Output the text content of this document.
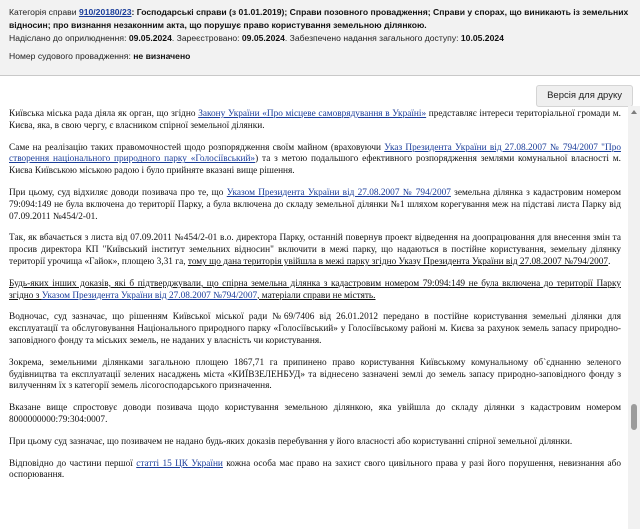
Категорія справи 910/20180/23: Господарські справи (з 01.01.2019); Справи позовного провадження; Справи у спорах, що виникають із земельних
відносин; про визнання незаконним акта, що порушує право користування земельною ділянкою.
Надіслано до оприлюднення: 09.05.2024. Зареєстровано: 09.05.2024. Забезпечено надання загального доступу: 10.05.2024
Номер судового провадження: не визначено
Версія для друку

Київська міська рада діяла як орган, що згідно Закону України «Про місцеве самоврядування в Україні» представляє інтереси територіальної громади м. Києва, яка, в свою чергу, є власником спірної земельної ділянки.

Саме на реалізацію таких правомочностей щодо розпорядження своїм майном (враховуючи Указ Президента України від 27.08.2007 № 794/2007 "Про створення національного природного парку «Голосіївський») та з метою подальшого ефективного розпорядження землями комунальної власності м. Києва Київською міською радою і було прийняте вказані вище рішення.

При цьому, суд відхиляє доводи позивача про те, що Указом Президента України від 27.08.2007 № 794/2007 земельна ділянка з кадастровим номером 79:094:149 не була включена до території Парку, а була включена до складу земельної ділянки №1 шляхом корегування меж на підставі листа Парку від 07.09.2011 №454/2-01.

Так, як вбачається з листа від 07.09.2011 №454/2-01 в.о. директора Парку, останній повернув проект відведення на доопрацювання для внесення змін та просив директора КП "Київський інститут земельних відносин" включити в межі парку, що надаються в постійне користування, земельну ділянку території урочища «Гайок», площею 3,31 га, тому що дана територія увійшла в межі парку згідно Указу Президента України від 27.08.2007 №794/2007.

Будь-яких інших доказів, які б підтверджували, що спірна земельна ділянка з кадастровим номером 79:094:149 не була включена до території Парку згідно з Указом Президента України від 27.08.2007 №794/2007, матеріали справи не містять.

Водночас, суд зазначає, що рішенням Київської міської ради №69/7406 від 26.01.2012 передано в постійне користування земельні ділянки для експлуатації та обслуговування Національного природного парку «Голосіївський» у Голосіївському районі м. Києва за рахунок земель запасу природно-заповідного фонду та міських земель, не наданих у власність чи користування.

Зокрема, земельними ділянками загальною площею 1867,71 га припинено право користування Київському комунальному об`єднанню зеленого будівництва та експлуатації зелених насаджень міста «КИЇВЗЕЛЕНБУД» та віднесено зазначені землі до земель запасу природно-заповідного фонду з вилученням їх з категорії земель лісогосподарського призначення.

Вказане вище спростовує доводи позивача щодо користування земельною ділянкою, яка увійшла до складу ділянки з кадастровим номером 8000000000:79:304:0007.

При цьому суд зазначає, що позивачем не надано будь-яких доказів перебування у його власності або користуванні спірної земельної ділянки.

Відповідно до частини першої статті 15 ЦК України кожна особа має право на захист свого цивільного права у разі його порушення, невизнання або оспорювання.
